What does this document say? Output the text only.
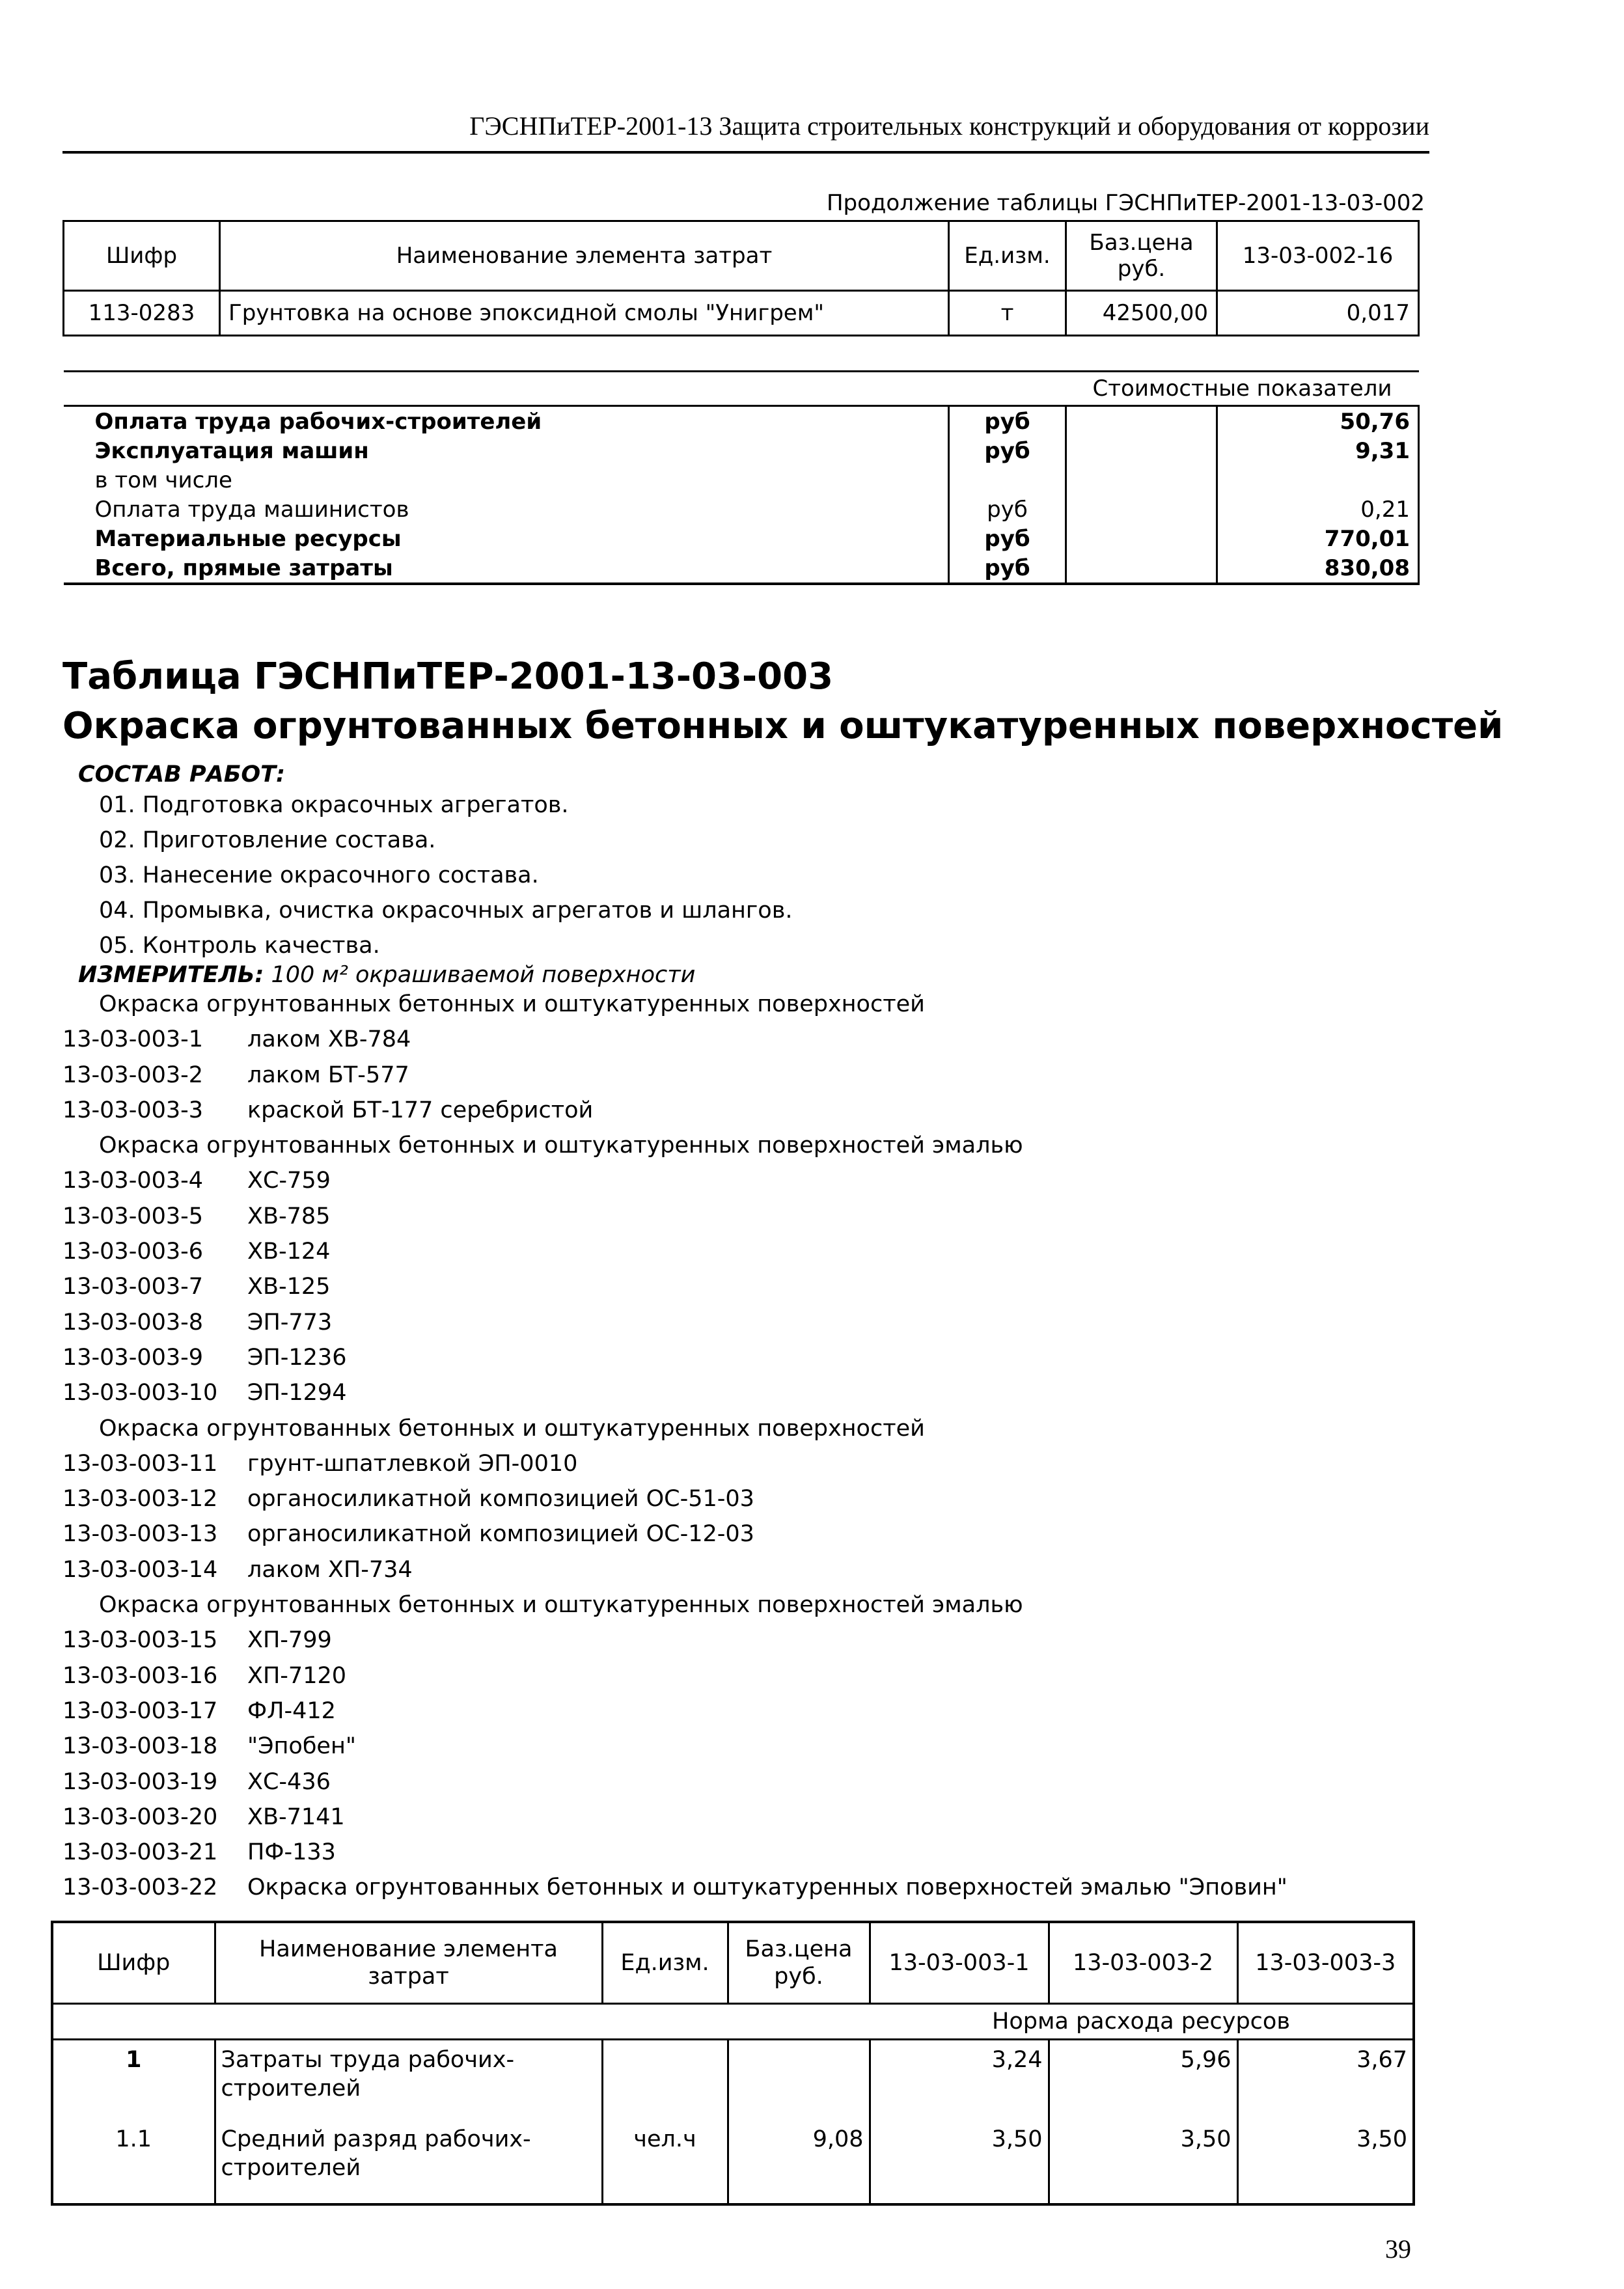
ГЭСНПиТЕР-2001-13 Защита строительных конструкций и оборудования от коррозии
Продолжение таблицы ГЭСНПиТЕР-2001-13-03-002
Шифр	Наименование элемента затрат	Ед.изм.	Баз.цена руб.	13-03-002-16
113-0283	Грунтовка на основе эпоксидной смолы "Унигрем"	т	42500,00	0,017

			Стоимостные показатели	
Оплата труда рабочих-строителей		руб		50,76
Эксплуатация машин		руб		9,31
в том числе				
Оплата труда машинистов		руб		0,21
Материальные ресурсы		руб		770,01
Всего, прямые затраты		руб		830,08
Таблица ГЭСНПиТЕР-2001-13-03-003
Окраска огрунтованных бетонных и оштукатуренных поверхностей
СОСТАВ РАБОТ:
01. Подготовка окрасочных агрегатов.
02. Приготовление состава.
03. Нанесение окрасочного состава.
04. Промывка, очистка окрасочных агрегатов и шлангов.
05. Контроль качества.
ИЗМЕРИТЕЛЬ: 100 м² окрашиваемой поверхности
Окраска огрунтованных бетонных и оштукатуренных поверхностей
13-03-003-1 лаком ХВ-784
13-03-003-2 лаком БТ-577
13-03-003-3 краской БТ-177 серебристой
Окраска огрунтованных бетонных и оштукатуренных поверхностей эмалью
13-03-003-4 ХС-759
13-03-003-5 ХВ-785
13-03-003-6 ХВ-124
13-03-003-7 ХВ-125
13-03-003-8 ЭП-773
13-03-003-9 ЭП-1236
13-03-003-10 ЭП-1294
Окраска огрунтованных бетонных и оштукатуренных поверхностей
13-03-003-11 грунт-шпатлевкой ЭП-0010
13-03-003-12 органосиликатной композицией ОС-51-03
13-03-003-13 органосиликатной композицией ОС-12-03
13-03-003-14 лаком ХП-734
Окраска огрунтованных бетонных и оштукатуренных поверхностей эмалью
13-03-003-15 ХП-799
13-03-003-16 ХП-7120
13-03-003-17 ФЛ-412
13-03-003-18 "Эпобен"
13-03-003-19 ХС-436
13-03-003-20 ХВ-7141
13-03-003-21 ПФ-133
13-03-003-22 Окраска огрунтованных бетонных и оштукатуренных поверхностей эмалью "Эповин"
Шифр	Наименование элемента затрат	Ед.изм.	Баз.цена руб.	13-03-003-1	13-03-003-2	13-03-003-3
				Норма расхода ресурсов		
1	Затраты труда рабочих-строителей			3,24	5,96	3,67
1.1	Средний разряд рабочих-строителей	чел.ч	9,08	3,50	3,50	3,50
39
